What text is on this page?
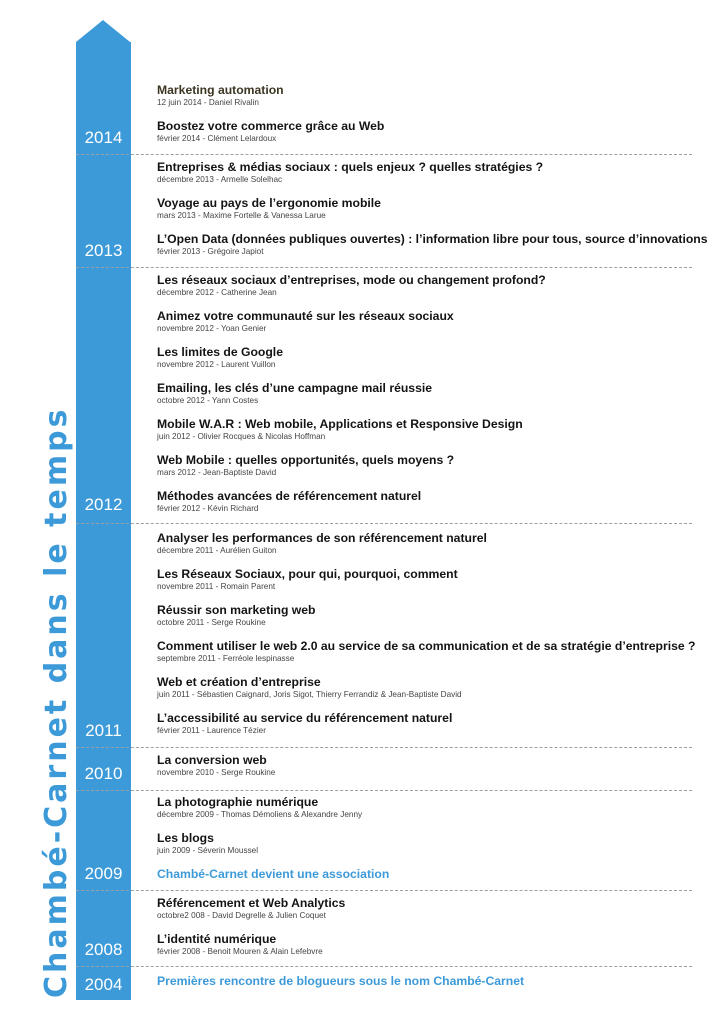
Chambé-Carnet dans le temps
2014
2013
2012
2011
2010
2009
2008
2004
Marketing automation
12 juin 2014 - Daniel Rivalin
Boostez votre commerce grâce au Web
février 2014 - Clément Lelardoux
Entreprises & médias sociaux : quels enjeux ? quelles stratégies ?
décembre 2013 - Armelle Solelhac
Voyage au pays de l’ergonomie mobile
mars 2013 - Maxime Fortelle & Vanessa Larue
L’Open Data (données publiques ouvertes) : l’information libre pour tous, source d’innovations
février 2013 - Grégoire Japiot
Les réseaux sociaux d’entreprises, mode ou changement profond?
décembre 2012 - Catherine Jean
Animez votre communauté sur les réseaux sociaux
novembre 2012 - Yoan Genier
Les limites de Google
novembre 2012 - Laurent Vuillon
Emailing, les clés d’une campagne mail réussie
octobre 2012 - Yann Costes
Mobile W.A.R : Web mobile, Applications et Responsive Design
juin 2012 - Olivier Rocques & Nicolas Hoffman
Web Mobile : quelles opportunités, quels moyens ?
mars 2012 - Jean-Baptiste David
Méthodes avancées de référencement naturel
février 2012 - Kévin Richard
Analyser les performances de son référencement naturel
décembre 2011 - Aurélien Guiton
Les Réseaux Sociaux, pour qui, pourquoi, comment
novembre 2011 - Romain Parent
Réussir son marketing web
octobre 2011 - Serge Roukine
Comment utiliser le web 2.0 au service de sa communication et de sa stratégie d’entreprise ?
septembre 2011 - Ferréole lespinasse
Web et création d’entreprise
juin 2011 - Sébastien Caignard, Joris Sigot, Thierry Ferrandiz & Jean-Baptiste David
L’accessibilité au service du référencement naturel
février 2011 - Laurence Tézier
La conversion web
novembre 2010 - Serge Roukine
La photographie numérique
décembre 2009 - Thomas Démoliens & Alexandre Jenny
Les blogs
juin 2009 - Séverin Moussel
Chambé-Carnet devient une association
Référencement et Web Analytics
octobre2 008 - David Degrelle & Julien Coquet
L’identité numérique
février 2008 - Benoit Mouren & Alain Lefebvre
Premières rencontre de blogueurs sous le nom Chambé-Carnet
